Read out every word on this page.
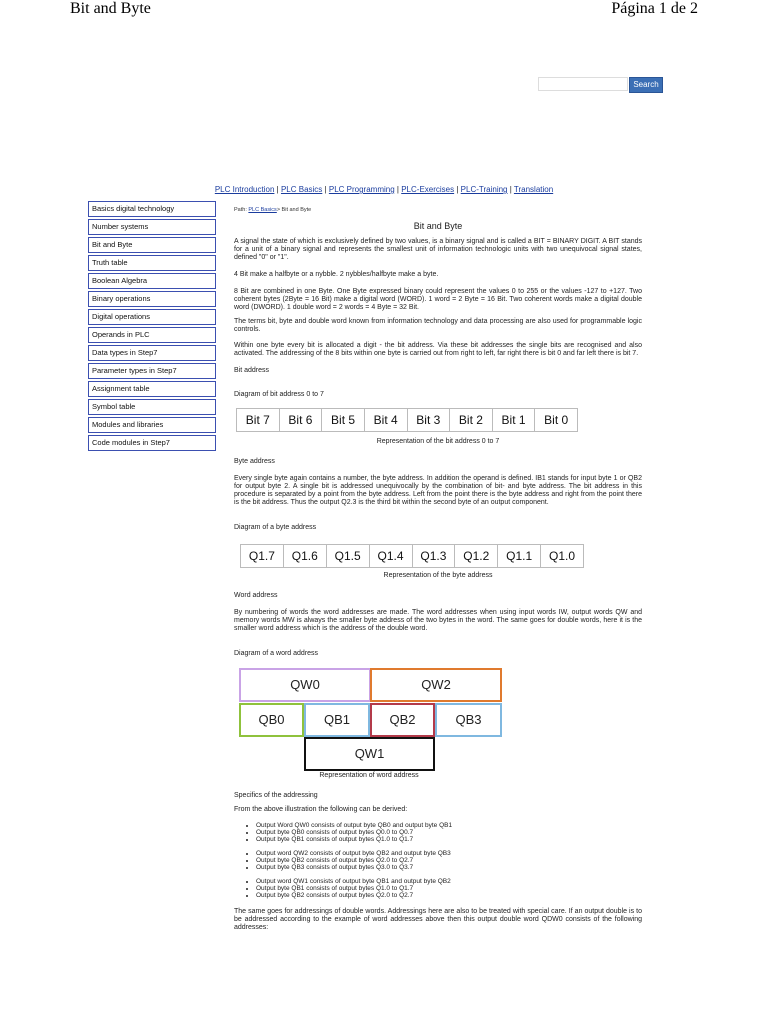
Bit and Byte	Página 1 de 2
Search
PLC Introduction | PLC Basics | PLC Programming | PLC-Exercises | PLC-Training | Translation
Basics digital technology
Number systems
Bit and Byte
Truth table
Boolean Algebra
Binary operations
Digital operations
Operands in PLC
Data types in Step7
Parameter types in Step7
Assignment table
Symbol table
Modules and libraries
Code modules in Step7
Path: PLC Basics> Bit and Byte
Bit and Byte

A signal the state of which is exclusively defined by two values, is a binary signal and is called a BIT = BINARY DIGIT. A BIT stands for a unit of a binary signal and represents the smallest unit of information technologic units with two unequivocal signal states, defined "0" or "1".

4 Bit make a halfbyte or a nybble. 2 nybbles/halfbyte make a byte.

8 Bit are combined in one Byte. One Byte expressed binary could represent the values 0 to 255 or the values -127 to +127. Two coherent bytes (2Byte = 16 Bit) make a digital word (WORD). 1 word = 2 Byte = 16 Bit. Two coherent words make a digital double word (DWORD). 1 double word = 2 words = 4 Byte = 32 Bit.

The terms bit, byte and double word known from information technology and data processing are also used for programmable logic controls.

Within one byte every bit is allocated a digit - the bit address. Via these bit addresses the single bits are recognised and also activated. The addressing of the 8 bits within one byte is carried out from right to left, far right there is bit 0 and far left there is bit 7.

Bit address
Diagram of bit address 0 to 7
Bit 7	Bit 6	Bit 5	Bit 4	Bit 3	Bit 2	Bit 1	Bit 0
Representation of the bit address 0 to 7
Byte address

Every single byte again contains a number, the byte address. In addition the operand is defined. IB1 stands for input byte 1 or QB2 for output byte 2. A single bit is addressed unequivocally by the combination of bit- and byte address. The bit address in this procedure is separated by a point from the byte address. Left from the point there is the byte address and right from the point there is the bit address. Thus the output Q2.3 is the third bit within the second byte of an output component.

Diagram of a byte address
Q1.7	Q1.6	Q1.5	Q1.4	Q1.3	Q1.2	Q1.1	Q1.0
Representation of the byte address
Word address

By numbering of words the word addresses are made. The word addresses when using input words IW, output words QW and memory words MW is always the smaller byte address of the two bytes in the word. The same goes for double words, here it is the smaller word address which is the address of the double word.

Diagram of a word address
QW0	QW2
QB0	QB1	QB2	QB3
QW1
Representation of word address
Specifics of the addressing
From the above illustration the following can be derived:
• Output Word QW0 consists of output byte QB0 and output byte QB1
• Output byte QB0 consists of output bytes Q0.0 to Q0.7
• Output byte QB1 consists of output bytes Q1.0 to Q1.7
• Output word QW2 consists of output byte QB2 and output byte QB3
• Output byte QB2 consists of output bytes Q2.0 to Q2.7
• Output byte QB3 consists of output bytes Q3.0 to Q3.7
• Output word QW1 consists of output byte QB1 and output byte QB2
• Output byte QB1 consists of output bytes Q1.0 to Q1.7
• Output byte QB2 consists of output bytes Q2.0 to Q2.7

The same goes for addressings of double words. Addressings here are also to be treated with special care. If an output double is to be addressed according to the example of word addresses above then this output double word QDW0 consists of the following addresses:
